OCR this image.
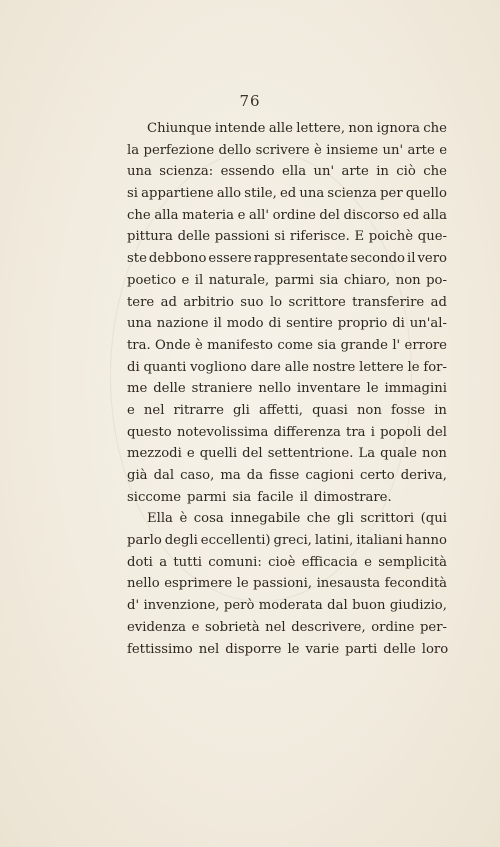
76
Chiunque intende alle lettere, non ignora che
la perfezione dello scrivere è insieme un' arte e
una scienza: essendo ella un' arte in ciò che
si appartiene allo stile, ed una scienza per quello
che alla materia e all' ordine del discorso ed alla
pittura delle passioni si riferisce. E poichè que-
ste debbono essere rappresentate secondo il vero
poetico e il naturale, parmi sia chiaro, non po-
tere ad arbitrio suo lo scrittore transferire ad
una nazione il modo di sentire proprio di un'al-
tra. Onde è manifesto come sia grande l' errore
di quanti vogliono dare alle nostre lettere le for-
me delle straniere nello inventare le immagini
e nel ritrarre gli affetti, quasi non fosse in
questo notevolissima differenza tra i popoli del
mezzodi e quelli del settentrione. La quale non
già dal caso, ma da fisse cagioni certo deriva,
siccome parmi sia facile il dimostrare.
Ella è cosa innegabile che gli scrittori (qui
parlo degli eccellenti) greci, latini, italiani hanno
doti a tutti comuni: cioè efficacia e semplicità
nello esprimere le passioni, inesausta fecondità
d' invenzione, però moderata dal buon giudizio,
evidenza e sobrietà nel descrivere, ordine per-
fettissimo nel disporre le varie parti delle loro
